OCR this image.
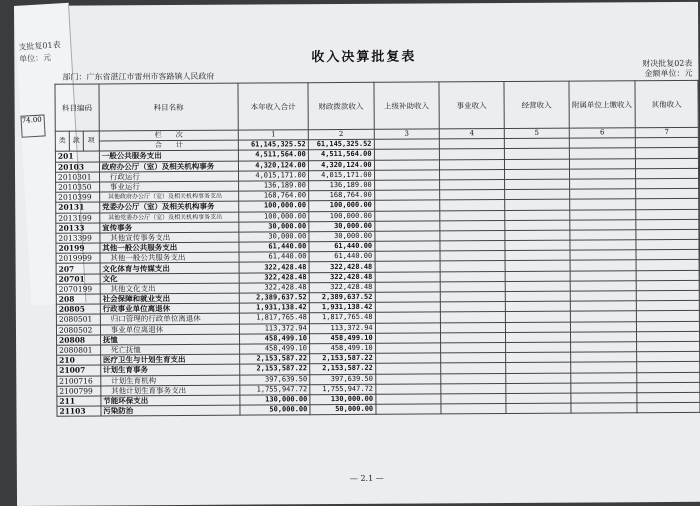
支批复01表
单位：元
74.00
收入决算批复表	财决批复02表
金额单位：元
部门：广东省湛江市雷州市客路镇人民政府
科目编码			科目名称	本年收入合计	财政拨款收入	上级补助收入	事业收入	经营收入	附属单位上缴收入	其他收入
类	款	项	栏　　次	1	2	3	4	5	6	7
			合　　计	61,145,325.52	61,145,325.52					
201			一般公共服务支出	4,511,564.00	4,511,564.00					
20103			政府办公厅（室）及相关机构事务	4,320,124.00	4,320,124.00					
2010301			行政运行	4,015,171.00	4,015,171.00					
2010350			事业运行	136,189.00	136,189.00					
2010399			其他政府办公厅（室）及相关机构事务支出	168,764.00	168,764.00					
20131			党委办公厅（室）及相关机构事务	100,000.00	100,000.00					
2013199			其他党委办公厅（室）及相关机构事务支出	100,000.00	100,000.00					
20133			宣传事务	30,000.00	30,000.00					
2013399			其他宣传事务支出	30,000.00	30,000.00					
20199			其他一般公共服务支出	61,440.00	61,440.00					
2019999			其他一般公共服务支出	61,440.00	61,440.00					
207			文化体育与传媒支出	322,428.48	322,428.48					
20701			文化	322,428.48	322,428.48					
2070199			其他文化支出	322,428.48	322,428.48					
208			社会保障和就业支出	2,389,637.52	2,389,637.52					
20805			行政事业单位离退休	1,931,138.42	1,931,138.42					
2080501			归口管理的行政单位离退休	1,817,765.48	1,817,765.48					
2080502			事业单位离退休	113,372.94	113,372.94					
20808			抚恤	458,499.10	458,499.10					
2080801			死亡抚恤	458,499.10	458,499.10					
210			医疗卫生与计划生育支出	2,153,587.22	2,153,587.22					
21007			计划生育事务	2,153,587.22	2,153,587.22					
2100716			计划生育机构	397,639.50	397,639.50					
2100799			其他计划生育事务支出	1,755,947.72	1,755,947.72					
211			节能环保支出	130,000.00	130,000.00					
21103			污染防治	50,000.00	50,000.00					
— 2.1 —
